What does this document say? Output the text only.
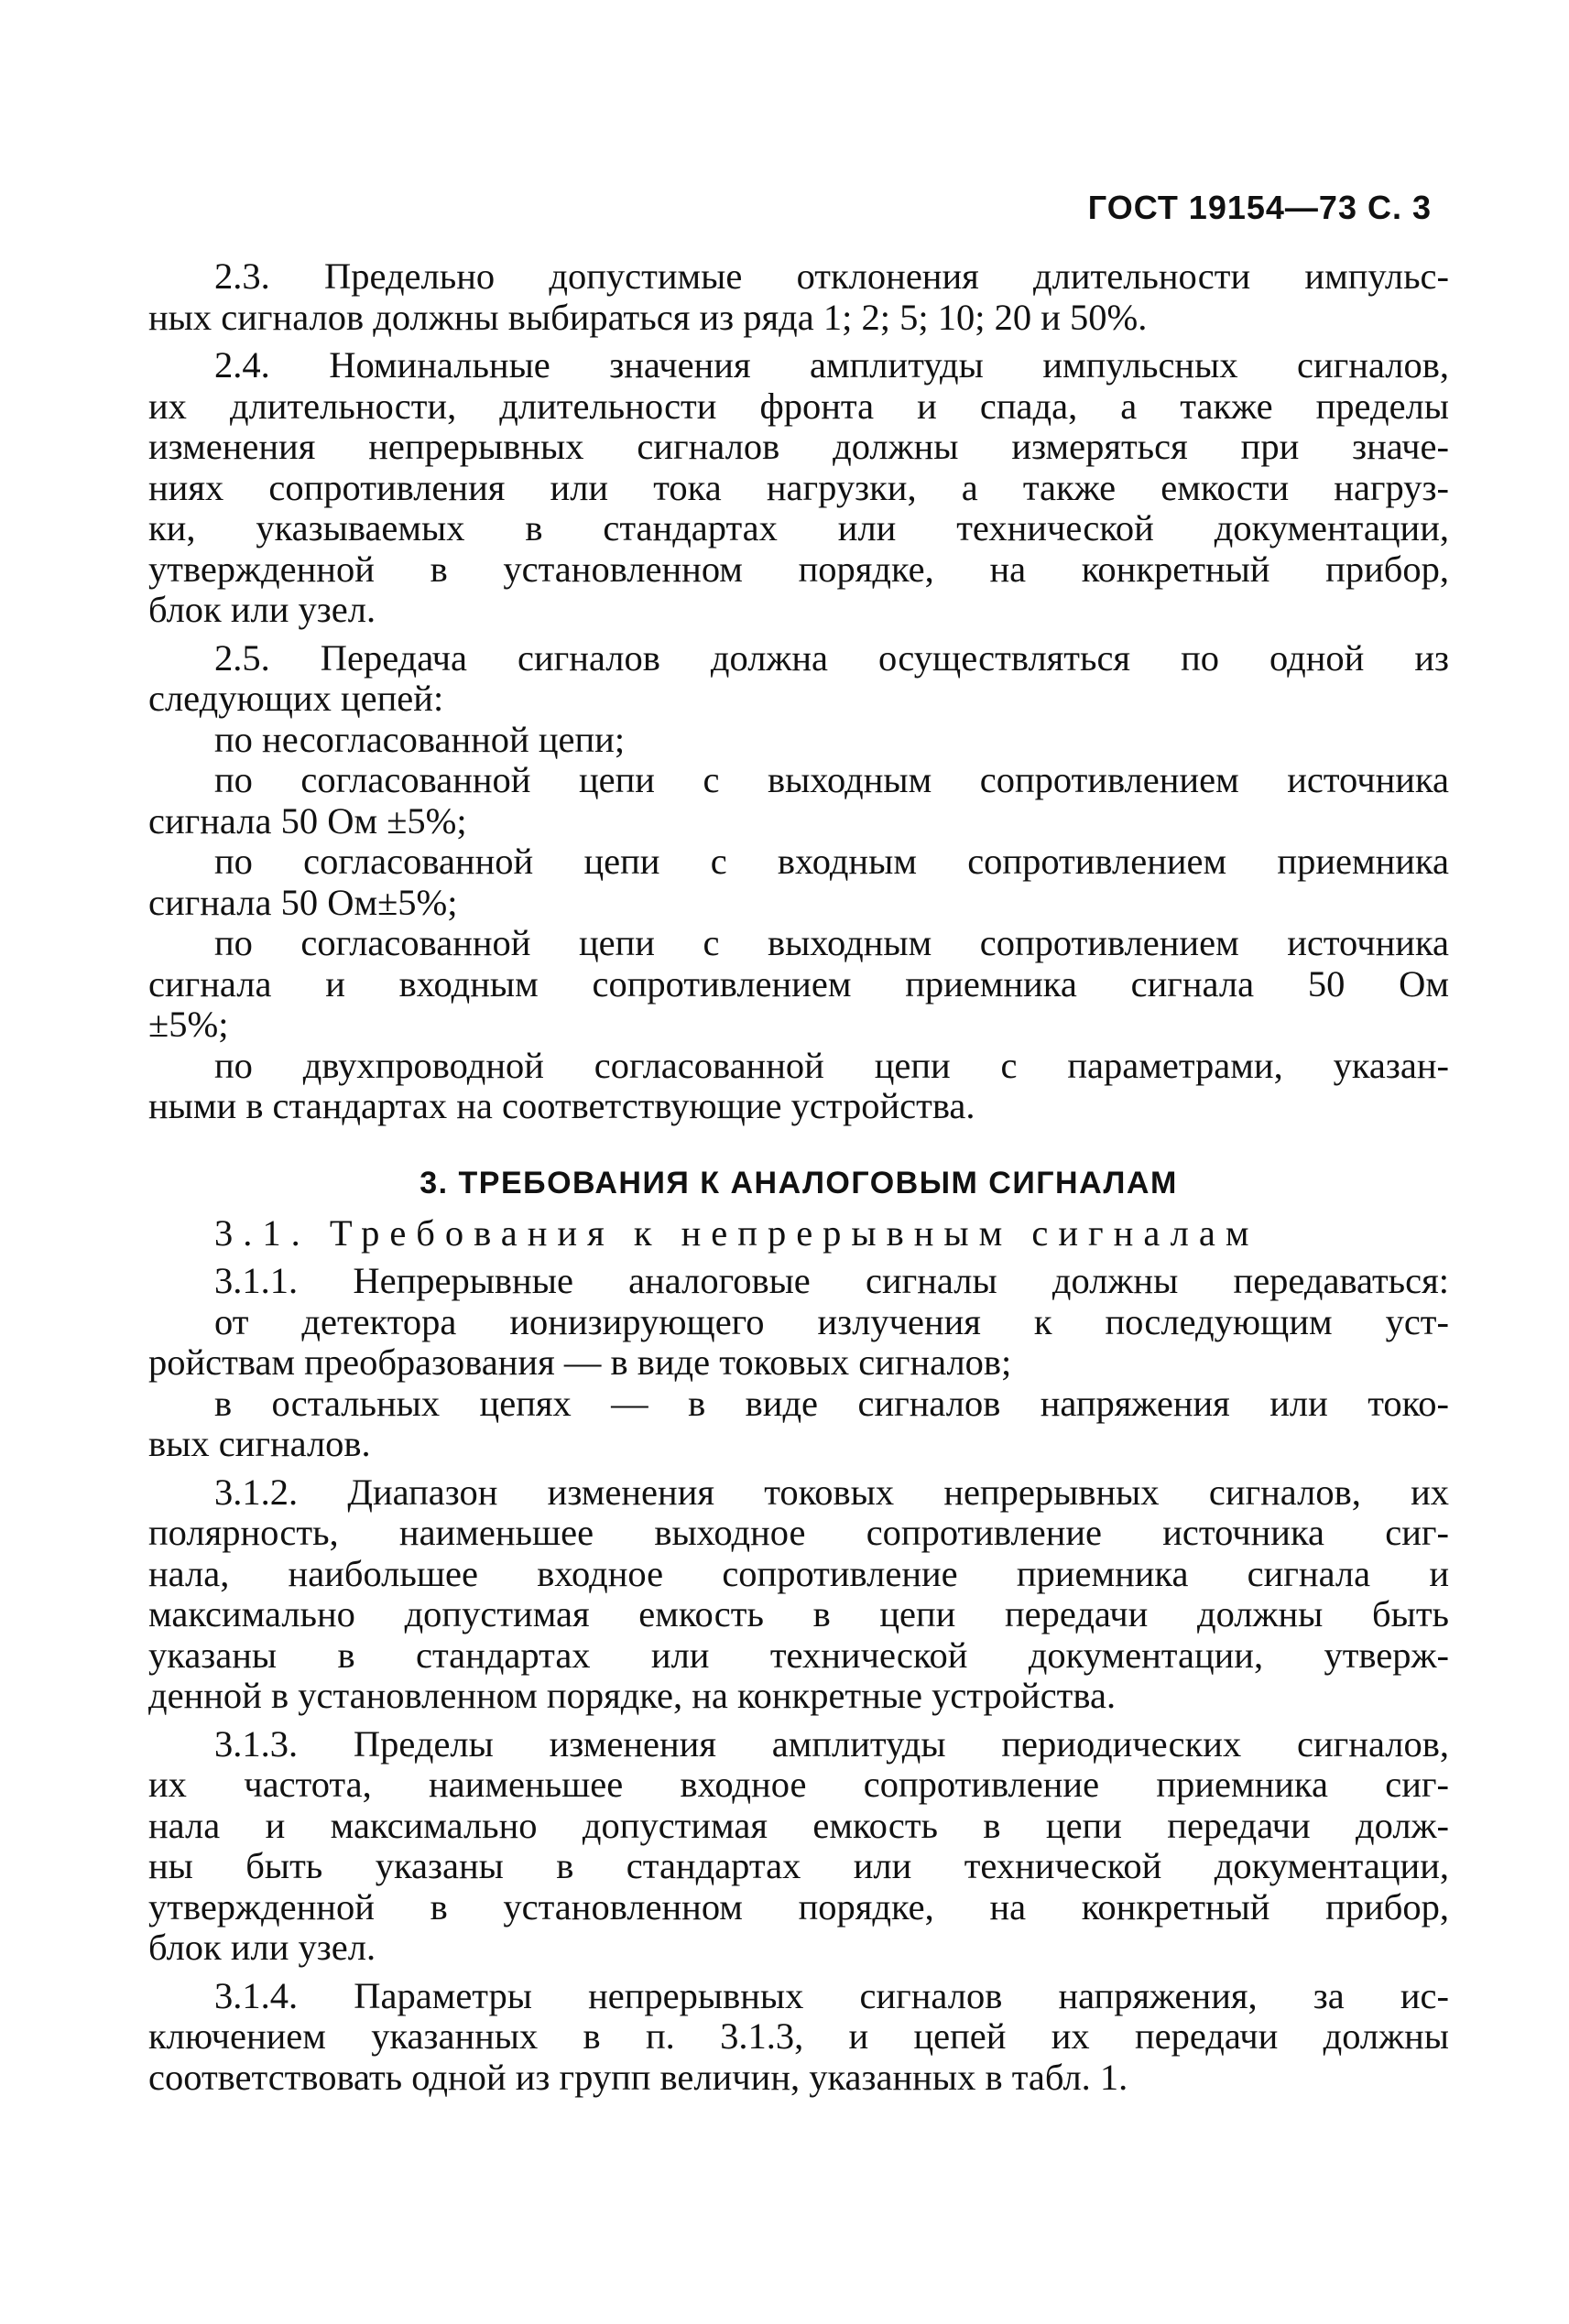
ГОСТ 19154—73 С. 3
2.3. Предельно допустимые отклонения длительности импульс-
ных сигналов должны выбираться из ряда 1; 2; 5; 10; 20 и 50%.
2.4. Номинальные значения амплитуды импульсных сигналов,
их длительности, длительности фронта и спада, а также пределы
изменения непрерывных сигналов должны измеряться при значе-
ниях сопротивления или тока нагрузки, а также емкости нагруз-
ки, указываемых в стандартах или технической документации,
утвержденной в установленном порядке, на конкретный прибор,
блок или узел.
2.5. Передача сигналов должна осуществляться по одной из
следующих цепей:
по несогласованной цепи;
по согласованной цепи с выходным сопротивлением источника
сигнала 50 Ом ±5%;
по согласованной цепи с входным сопротивлением приемника
сигнала 50 Ом±5%;
по согласованной цепи с выходным сопротивлением источника
сигнала и входным сопротивлением приемника сигнала 50 Ом
±5%;
по двухпроводной согласованной цепи с параметрами, указан-
ными в стандартах на соответствующие устройства.
3. ТРЕБОВАНИЯ К АНАЛОГОВЫМ СИГНАЛАМ
3.1. Требования к непрерывным сигналам
3.1.1. Непрерывные аналоговые сигналы должны передаваться:
от детектора ионизирующего излучения к последующим уст-
ройствам преобразования — в виде токовых сигналов;
в остальных цепях — в виде сигналов напряжения или токо-
вых сигналов.
3.1.2. Диапазон изменения токовых непрерывных сигналов, их
полярность, наименьшее выходное сопротивление источника сиг-
нала, наибольшее входное сопротивление приемника сигнала и
максимально допустимая емкость в цепи передачи должны быть
указаны в стандартах или технической документации, утверж-
денной в установленном порядке, на конкретные устройства.
3.1.3. Пределы изменения амплитуды периодических сигналов,
их частота, наименьшее входное сопротивление приемника сиг-
нала и максимально допустимая емкость в цепи передачи долж-
ны быть указаны в стандартах или технической документации,
утвержденной в установленном порядке, на конкретный прибор,
блок или узел.
3.1.4. Параметры непрерывных сигналов напряжения, за ис-
ключением указанных в п. 3.1.3, и цепей их передачи должны
соответствовать одной из групп величин, указанных в табл. 1.
